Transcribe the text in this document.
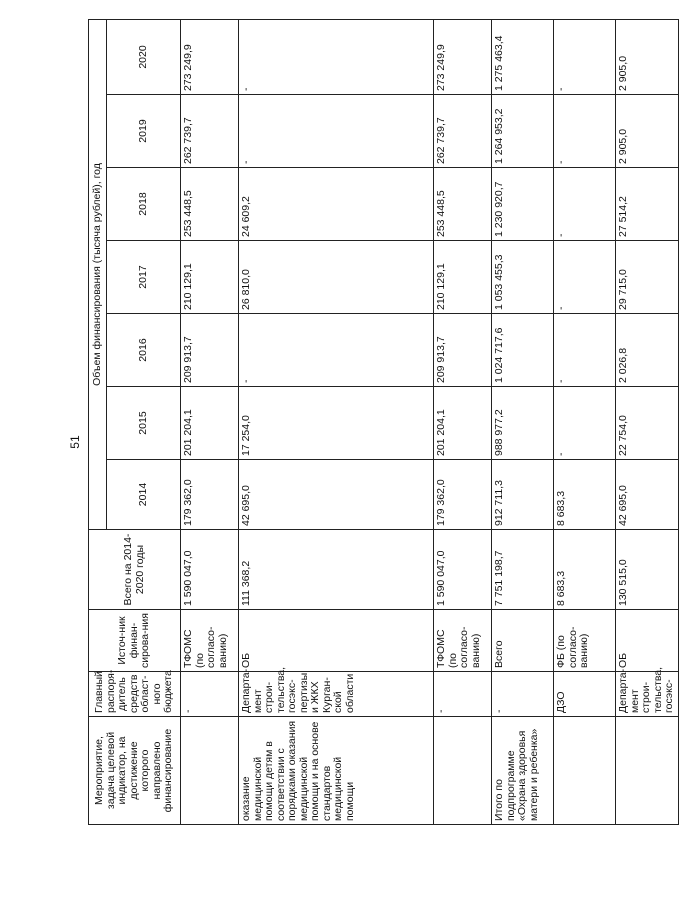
51
Мероприятие, задача целевой индикатор, на достижение которого направлено финансирование	Главный распоря-дитель средств област-ного бюджета	Источ-ник финан-сирова-ния	Всего на 2014-2020 годы	Объем финансирования (тысяча рублей), год						
				2014	2015	2016	2017	2018	2019	2020
	-	ТФОМС (по согласо-ванию)	1 590 047,0	179 362,0	201 204,1	209 913,7	210 129,1	253 448,5	262 739,7	273 249,9
оказание медицинской помощи детям в соответствии с порядками оказания медицинской помощи и на основе стандартов медицинской помощи	Департа-мент строи-тельства, госэкс-пертизы и ЖКХ Курган-ской области	ОБ	111 368,2	42 695,0	17 254,0	-	26 810,0	24 609,2	-	-
	-	ТФОМС (по согласо-ванию)	1 590 047,0	179 362,0	201 204,1	209 913,7	210 129,1	253 448,5	262 739,7	273 249,9
Итого по подпрограмме «Охрана здоровья матери и ребенка»	-	Всего	7 751 198,7	912 711,3	988 977,2	1 024 717,6	1 053 455,3	1 230 920,7	1 264 953,2	1 275 463,4
	ДЗО	ФБ (по согласо-ванию)	8 683,3	8 683,3	-	-	-	-	-	-
	Департа-мент строи-тельства, госэкс-	ОБ	130 515,0	42 695,0	22 754,0	2 026,8	29 715,0	27 514,2	2 905,0	2 905,0
